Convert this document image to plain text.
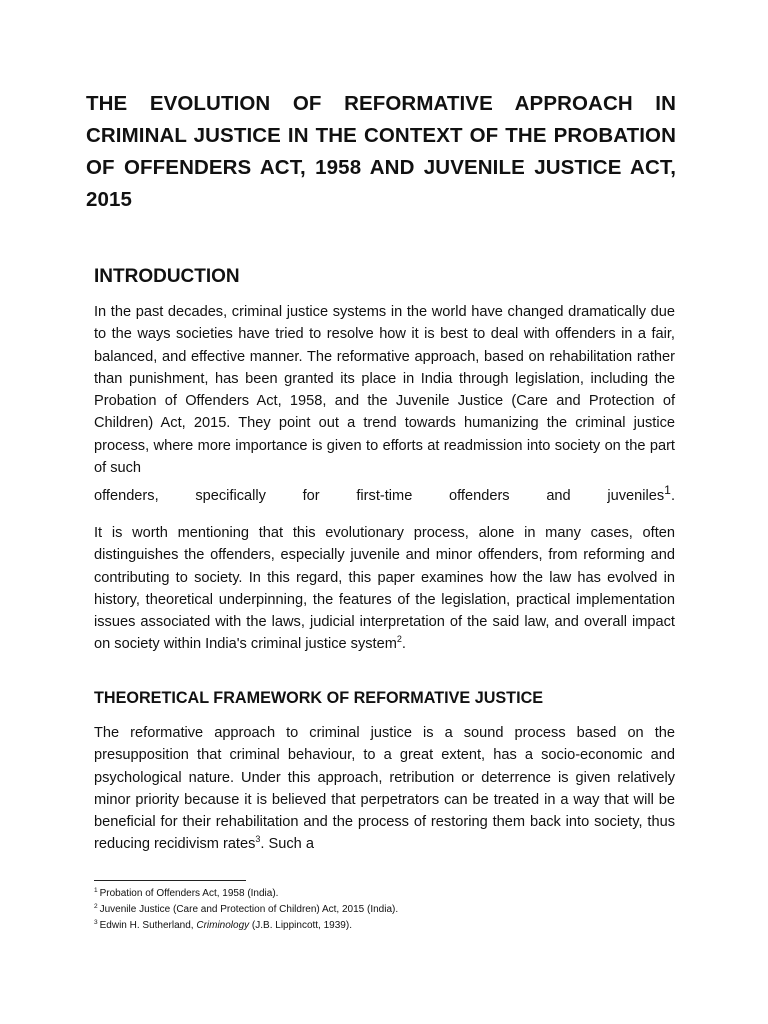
THE EVOLUTION OF REFORMATIVE APPROACH IN CRIMINAL JUSTICE IN THE CONTEXT OF THE PROBATION OF OFFENDERS ACT, 1958 AND JUVENILE JUSTICE ACT, 2015
INTRODUCTION

In the past decades, criminal justice systems in the world have changed dramatically due to the ways societies have tried to resolve how it is best to deal with offenders in a fair, balanced, and effective manner. The reformative approach, based on rehabilitation rather than punishment, has been granted its place in India through legislation, including the Probation of Offenders Act, 1958, and the Juvenile Justice (Care and Protection of Children) Act, 2015. They point out a trend towards humanizing the criminal justice process, where more importance is given to efforts at readmission into society on the part of such

offenders, specifically for first-time offenders and juveniles$^1$.

It is worth mentioning that this evolutionary process, alone in many cases, often distinguishes the offenders, especially juvenile and minor offenders, from reforming and contributing to society. In this regard, this paper examines how the law has evolved in history, theoretical underpinning, the features of the legislation, practical implementation issues associated with the laws, judicial interpretation of the said law, and overall impact on society within India's criminal justice system$^2$.

THEORETICAL FRAMEWORK OF REFORMATIVE JUSTICE

The reformative approach to criminal justice is a sound process based on the presupposition that criminal behaviour, to a great extent, has a socio-economic and psychological nature. Under this approach, retribution or deterrence is given relatively minor priority because it is believed that perpetrators can be treated in a way that will be beneficial for their rehabilitation and the process of restoring them back into society, thus reducing recidivism rates$^3$. Such a

$^1$ Probation of Offenders Act, 1958 (India).
$^2$ Juvenile Justice (Care and Protection of Children) Act, 2015 (India).
$^3$ Edwin H. Sutherland, Criminology (J.B. Lippincott, 1939).
